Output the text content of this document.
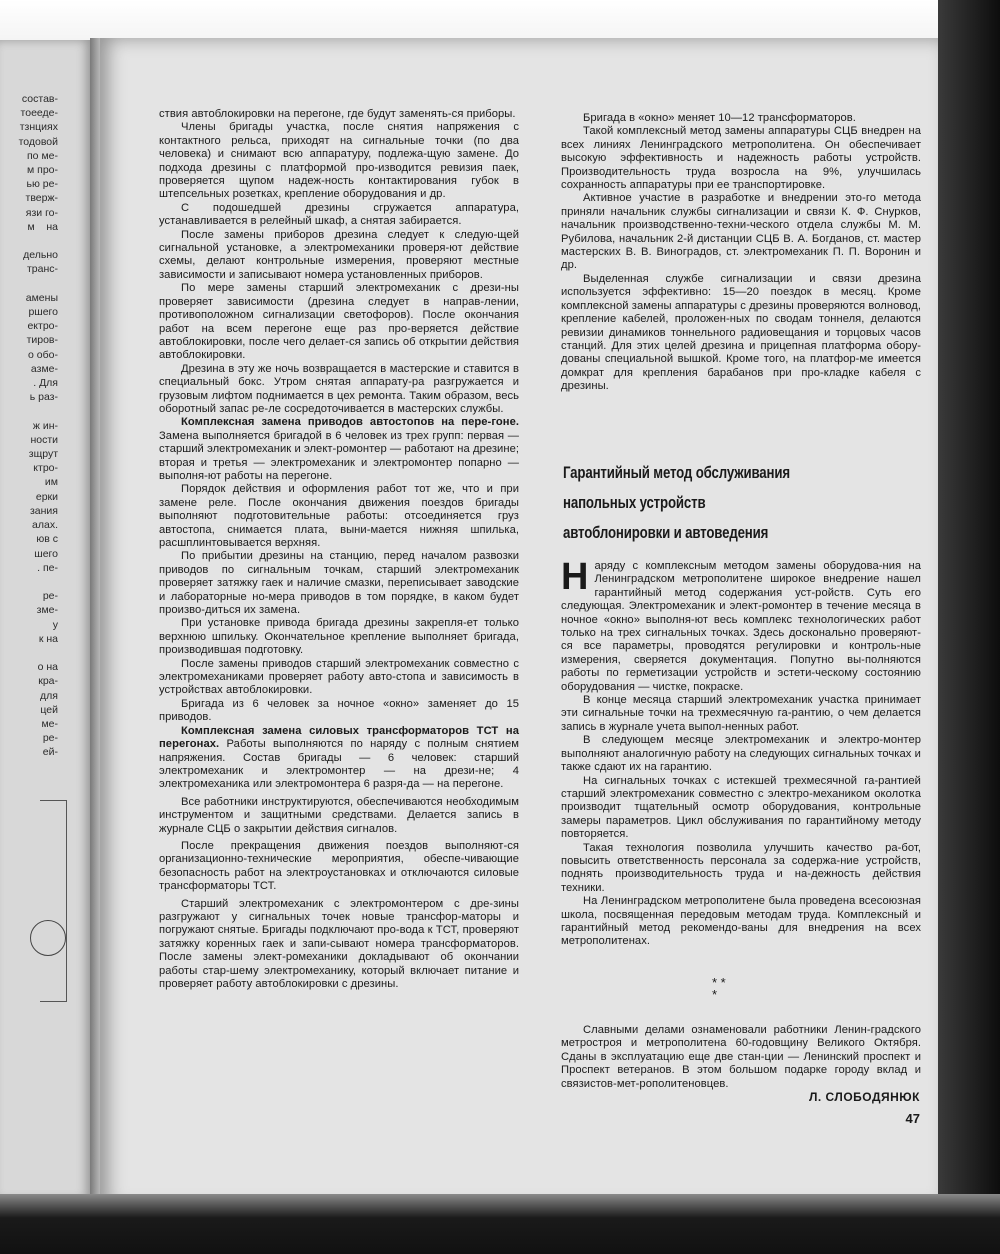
состав-
тоееде-
тзнциях
тодовой
по ме-
м про-
ью ре-
тверж-
язи го-
м    на

дельно
транс-

амены
ршего
ектро-
тиров-
о обо-
азме-
. Для
ь раз-

ж ин-
ности
зщрут
ктро-
им
ерки
зания
алах.
юв с
шего
. пе-

ре-
зме-
у
к на

о на
кра-
для
цей
ме-
ре-
ей-

ствия автоблокировки на перегоне, где будут заменять-ся приборы.

Члены бригады участка, после снятия напряжения с контактного рельса, приходят на сигнальные точки (по два человека) и снимают всю аппаратуру, подлежа-щую замене. До подхода дрезины с платформой про-изводится ревизия паек, проверяется щупом надеж-ность контактирования губок в штепсельных розетках, крепление оборудования и др.

С подошедшей дрезины сгружается аппаратура, устанавливается в релейный шкаф, а снятая забирается.

После замены приборов дрезина следует к следую-щей сигнальной установке, а электромеханики проверя-ют действие схемы, делают контрольные измерения, проверяют местные зависимости и записывают номера установленных приборов.

По мере замены старший электромеханик с дрези-ны проверяет зависимости (дрезина следует в направ-лении, противоположном сигнализации светофоров). После окончания работ на всем перегоне еще раз про-веряется действие автоблокировки, после чего делает-ся запись об открытии действия автоблокировки.

Дрезина в эту же ночь возвращается в мастерские и ставится в специальный бокс. Утром снятая аппарату-ра разгружается и грузовым лифтом поднимается в цех ремонта. Таким образом, весь оборотный запас ре-ле сосредоточивается в мастерских службы.

Комплексная замена приводов автостопов на пере-гоне. Замена выполняется бригадой в 6 человек из трех групп: первая — старший электромеханик и элект-ромонтер — работают на дрезине; вторая и третья — электромеханик и электромонтер попарно — выполня-ют работы на перегоне.

Порядок действия и оформления работ тот же, что и при замене реле. После окончания движения поездов бригады выполняют подготовительные работы: отсоединяется груз автостопа, снимается плата, выни-мается нижняя шпилька, расшплинтовывается верхняя.

По прибытии дрезины на станцию, перед началом развозки приводов по сигнальным точкам, старший электромеханик проверяет затяжку гаек и наличие смазки, переписывает заводские и лабораторные но-мера приводов в том порядке, в каком будет произво-диться их замена.

При установке привода бригада дрезины закрепля-ет только верхнюю шпильку. Окончательное крепление выполняет бригада, производившая подготовку.

После замены приводов старший электромеханик совместно с электромеханиками проверяет работу авто-стопа и зависимость в устройствах автоблокировки.

Бригада из 6 человек за ночное «окно» заменяет до 15 приводов.

Комплексная замена силовых трансформаторов ТСТ на перегонах. Работы выполняются по наряду с полным снятием напряжения. Состав бригады — 6 человек: старший электромеханик и электромонтер — на дрези-не; 4 электромеханика или электромонтера 6 разря-да — на перегоне.

Все работники инструктируются, обеспечиваются необходимым инструментом и защитными средствами. Делается запись в журнале СЦБ о закрытии действия сигналов.

После прекращения движения поездов выполняют-ся организационно-технические мероприятия, обеспе-чивающие безопасность работ на электроустановках и отключаются силовые трансформаторы ТСТ.

Старший электромеханик с электромонтером с дре-зины разгружают у сигнальных точек новые трансфор-маторы и погружают снятые. Бригады подключают про-вода к ТСТ, проверяют затяжку коренных гаек и запи-сывают номера трансформаторов. После замены элект-ромеханики докладывают об окончании работы стар-шему электромеханику, который включает питание и проверяет работу автоблокировки с дрезины.

Бригада в «окно» меняет 10—12 трансформаторов.

Такой комплексный метод замены аппаратуры СЦБ внедрен на всех линиях Ленинградского метрополитена. Он обеспечивает высокую эффективность и надежность работы устройств. Производительность труда возросла на 9%, улучшилась сохранность аппаратуры при ее транспортировке.

Активное участие в разработке и внедрении это-го метода приняли начальник службы сигнализации и связи К. Ф. Снурков, начальник производственно-техни-ческого отдела службы М. М. Рубилова, начальник 2-й дистанции СЦБ В. А. Богданов, ст. мастер мастерских В. В. Виноградов, ст. электромеханик П. П. Воронин и др.

Выделенная службе сигнализации и связи дрезина используется эффективно: 15—20 поездок в месяц. Кроме комплексной замены аппаратуры с дрезины проверяются волновод, крепление кабелей, проложен-ных по сводам тоннеля, делаются ревизии динамиков тоннельного радиовещания и торцовых часов станций. Для этих целей дрезина и прицепная платформа обору-дованы специальной вышкой. Кроме того, на платфор-ме имеется домкрат для крепления барабанов при про-кладке кабеля с дрезины.

Гарантийный метод обслуживания
напольных устройств
автоблонировки и автоведения

Наряду с комплексным методом замены оборудова-ния на Ленинградском метрополитене широкое внедрение нашел гарантийный метод содержания уст-ройств. Суть его следующая. Электромеханик и элект-ромонтер в течение месяца в ночное «окно» выполня-ют весь комплекс технологических работ только на трех сигнальных точках. Здесь досконально проверяют-ся все параметры, проводятся регулировки и контроль-ные измерения, сверяется документация. Попутно вы-полняются работы по герметизации устройств и эстети-ческому состоянию оборудования — чистке, покраске.

В конце месяца старший электромеханик участка принимает эти сигнальные точки на трехмесячную га-рантию, о чем делается запись в журнале учета выпол-ненных работ.

В следующем месяце электромеханик и электро-монтер выполняют аналогичную работу на следующих сигнальных точках и также сдают их на гарантию.

На сигнальных точках с истекшей трехмесячной га-рантией старший электромеханик совместно с электро-механиком околотка производит тщательный осмотр оборудования, контрольные замеры параметров. Цикл обслуживания по гарантийному методу повторяется.

Такая технология позволила улучшить качество ра-бот, повысить ответственность персонала за содержа-ние устройств, поднять производительность труда и на-дежность действия техники.

На Ленинградском метрополитене была проведена всесоюзная школа, посвященная передовым методам труда. Комплексный и гарантийный метод рекомендо-ваны для внедрения на всех метрополитенах.

* *
*

Славными делами ознаменовали работники Ленин-градского метростроя и метрополитена 60-годовщину Великого Октября. Сданы в эксплуатацию еще две стан-ции — Ленинский проспект и Проспект ветеранов. В этом большом подарке городу вклад и связистов-мет-рополитеновцев.

Л. СЛОБОДЯНЮК
47
